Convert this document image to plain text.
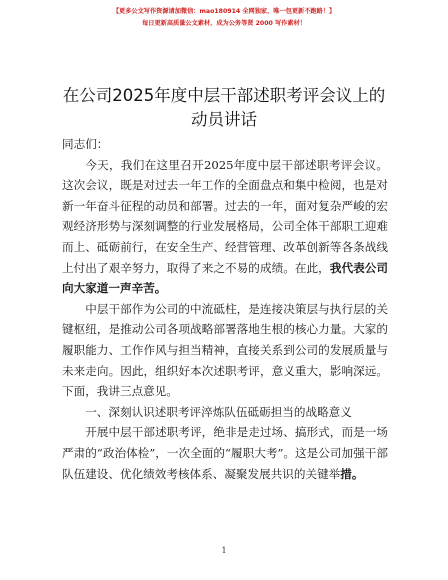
【更多公文写作资源请加微信：mao180914 全网独家，唯一包更新不跑路！】
每日更新高质量公文素材，成为公务等贤 2000 写作素材！
在公司2025年度中层干部述职考评会议上的动员讲话

同志们：

今天，我们在这里召开2025年度中层干部述职考评会议。这次会议，既是对过去一年工作的全面盘点和集中检阅，也是对新一年奋斗征程的动员和部署。过去的一年，面对复杂严峻的宏观经济形势与深刻调整的行业发展格局，公司全体干部职工迎难而上、砥砺前行，在安全生产、经营管理、改革创新等各条战线上付出了艰辛努力，取得了来之不易的成绩。在此，我代表公司向大家道一声辛苦。

中层干部作为公司的中流砥柱，是连接决策层与执行层的关键枢纽，是推动公司各项战略部署落地生根的核心力量。大家的履职能力、工作作风与担当精神，直接关系到公司的发展质量与未来走向。因此，组织好本次述职考评，意义重大，影响深远。下面，我讲三点意见。

一、深刻认识述职考评淬炼队伍砥砺担当的战略意义

开展中层干部述职考评，绝非是走过场、搞形式，而是一场严肃的“政治体检”，一次全面的“履职大考”。这是公司加强干部队伍建设、优化绩效考核体系、凝聚发展共识的关键举措。

1
